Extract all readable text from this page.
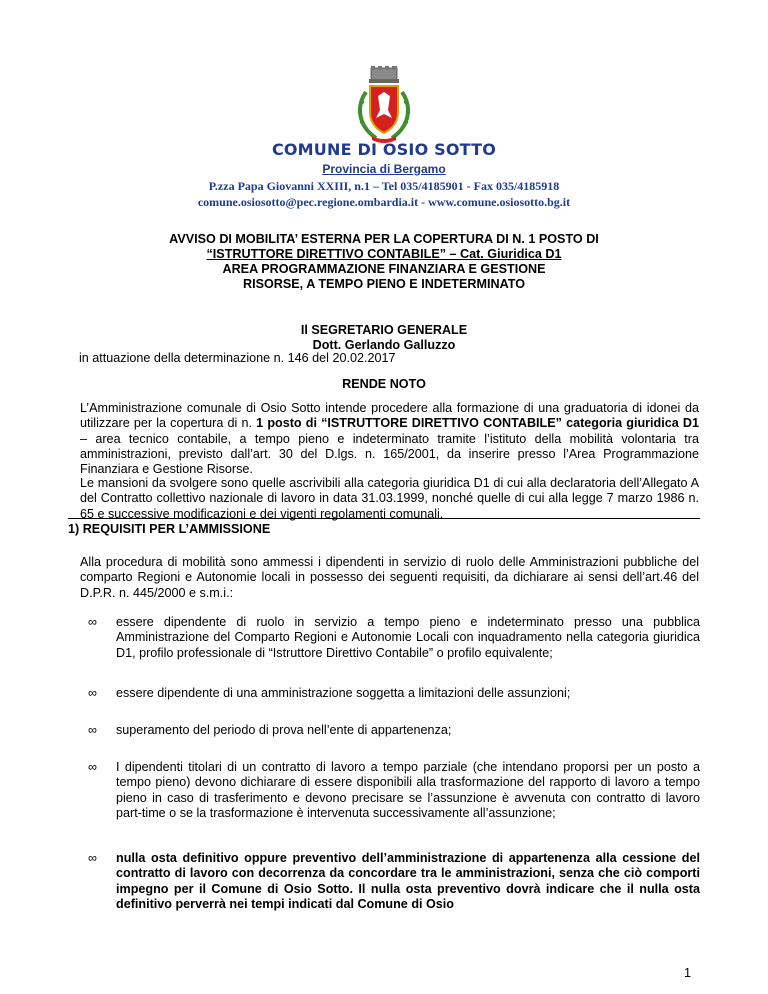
COMUNE DI OSIO SOTTO
Provincia di Bergamo
P.zza Papa Giovanni XXIII, n.1 – Tel 035/4185901 - Fax 035/4185918
comune.osiosotto@pec.regione.ombardia.it - www.comune.osiosotto.bg.it
AVVISO DI MOBILITA’ ESTERNA PER LA COPERTURA DI N. 1 POSTO DI
“ISTRUTTORE DIRETTIVO CONTABILE” – Cat. Giuridica D1
AREA PROGRAMMAZIONE FINANZIARA E GESTIONE
RISORSE, A TEMPO PIENO E INDETERMINATO
Il SEGRETARIO GENERALE
Dott. Gerlando Galluzzo
in attuazione della determinazione n. 146 del 20.02.2017
RENDE NOTO
L’Amministrazione comunale di Osio Sotto intende procedere alla formazione di una graduatoria di idonei da utilizzare per la copertura di n. 1 posto di “ISTRUTTORE DIRETTIVO CONTABILE” categoria giuridica D1 – area tecnico contabile, a tempo pieno e indeterminato tramite l’istituto della mobilità volontaria tra amministrazioni, previsto dall’art. 30 del D.lgs. n. 165/2001, da inserire presso l’Area Programmazione Finanziara e Gestione Risorse.
Le mansioni da svolgere sono quelle ascrivibili alla categoria giuridica D1 di cui alla declaratoria dell’Allegato A del Contratto collettivo nazionale di lavoro in data 31.03.1999, nonché quelle di cui alla legge 7 marzo 1986 n. 65 e successive modificazioni e dei vigenti regolamenti comunali.
1) REQUISITI PER L’AMMISSIONE
Alla procedura di mobilità sono ammessi i dipendenti in servizio di ruolo delle Amministrazioni pubbliche del comparto Regioni e Autonomie locali in possesso dei seguenti requisiti, da dichiarare ai sensi dell’art.46 del D.P.R. n. 445/2000 e s.m.i.:
∞ essere dipendente di ruolo in servizio a tempo pieno e indeterminato presso una pubblica Amministrazione del Comparto Regioni e Autonomie Locali con inquadramento nella categoria giuridica D1, profilo professionale di “Istruttore Direttivo Contabile” o profilo equivalente;
∞ essere dipendente di una amministrazione soggetta a limitazioni delle assunzioni;
∞ superamento del periodo di prova nell’ente di appartenenza;
∞ I dipendenti titolari di un contratto di lavoro a tempo parziale (che intendano proporsi per un posto a tempo pieno) devono dichiarare di essere disponibili alla trasformazione del rapporto di lavoro a tempo pieno in caso di trasferimento e devono precisare se l’assunzione è avvenuta con contratto di lavoro part-time o se la trasformazione è intervenuta successivamente all’assunzione;
∞ nulla osta definitivo oppure preventivo dell’amministrazione di appartenenza alla cessione del contratto di lavoro con decorrenza da concordare tra le amministrazioni, senza che ciò comporti impegno per il Comune di Osio Sotto. Il nulla osta preventivo dovrà indicare che il nulla osta definitivo perverrà nei tempi indicati dal Comune di Osio
1
